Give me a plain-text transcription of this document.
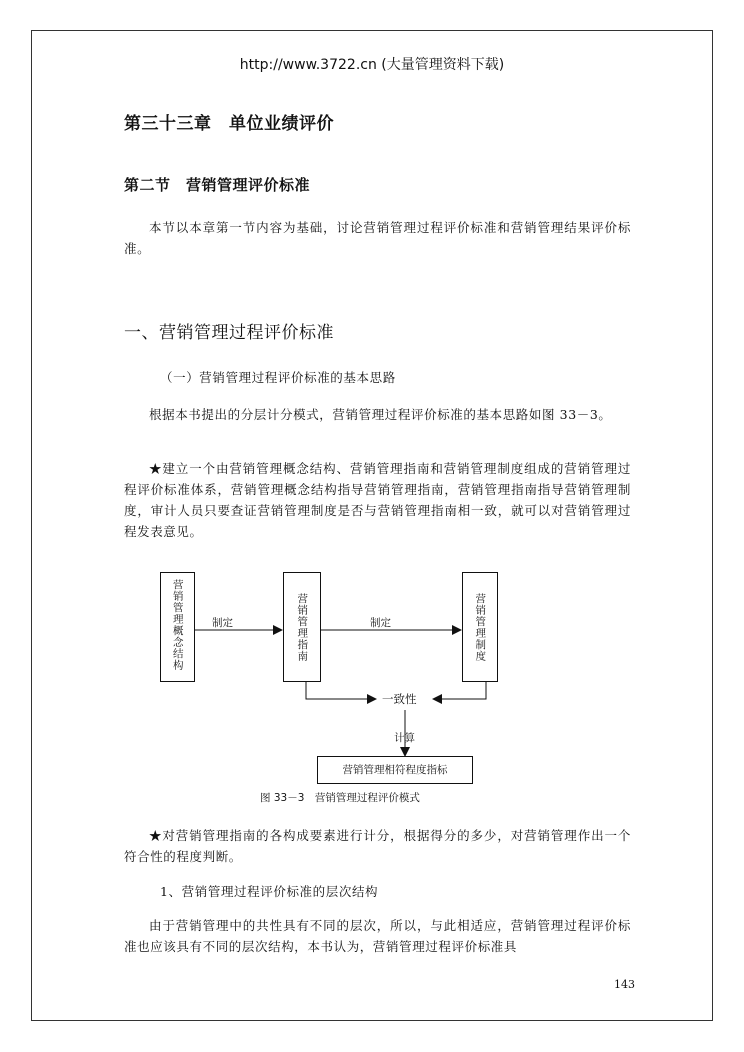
http://www.3722.cn (大量管理资料下载)
第三十三章　单位业绩评价
第二节　营销管理评价标准

本节以本章第一节内容为基础，讨论营销管理过程评价标准和营销管理结果评价标准。

一、营销管理过程评价标准
（一）营销管理过程评价标准的基本思路

根据本书提出的分层计分模式，营销管理过程评价标准的基本思路如图 33－3。

★建立一个由营销管理概念结构、营销管理指南和营销管理制度组成的营销管理过程评价标准体系，营销管理概念结构指导营销管理指南，营销管理指南指导营销管理制度，审计人员只要查证营销管理制度是否与营销管理指南相一致，就可以对营销管理过程发表意见。

营销管理概念结构	营销管理指南	营销管理制度
制定	制定
一致性
计算
营销管理相符程度指标
图 33－3　营销管理过程评价模式

★对营销管理指南的各构成要素进行计分，根据得分的多少，对营销管理作出一个符合性的程度判断。

1、营销管理过程评价标准的层次结构

由于营销管理中的共性具有不同的层次，所以，与此相适应，营销管理过程评价标准也应该具有不同的层次结构，本书认为，营销管理过程评价标准具

143
